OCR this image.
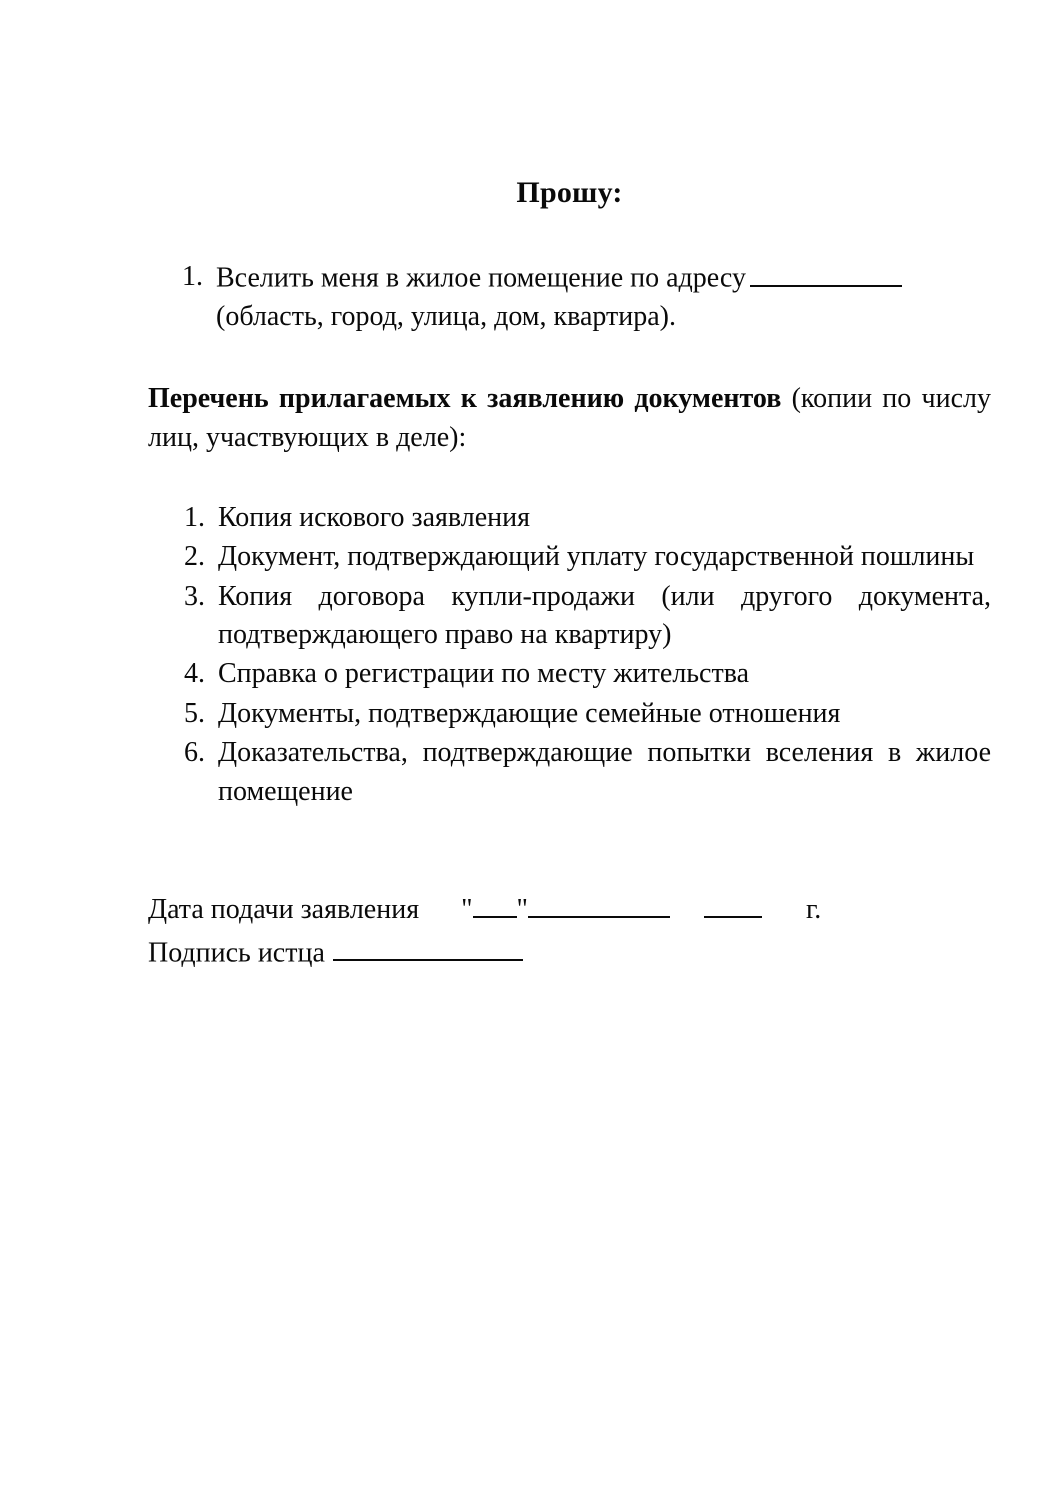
Прошу:
1. Вселить меня в жилое помещение по адресу
(область, город, улица, дом, квартира).

Перечень прилагаемых к заявлению документов (копии по числу лиц, участвующих в деле):

1. Копия искового заявления
2. Документ, подтверждающий уплату государственной пошлины
3. Копия договора купли-продажи (или другого документа, подтверждающего право на квартиру)
4. Справка о регистрации по месту жительства
5. Документы, подтверждающие семейные отношения
6. Доказательства, подтверждающие попытки вселения в жилое помещение
Дата подачи заявления " "	г.
Подпись истца
